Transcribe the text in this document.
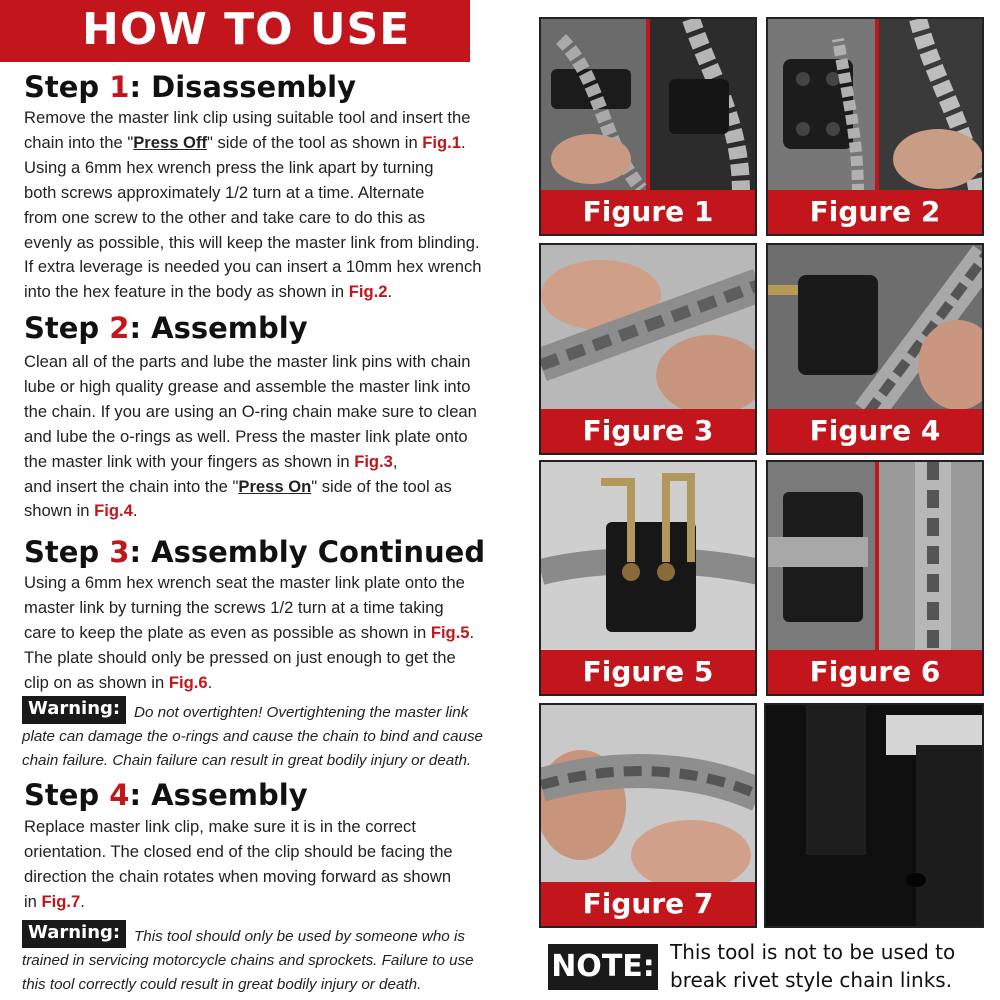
HOW TO USE
Step 1: Disassembly
Remove the master link clip using suitable tool and insert the
chain into the "Press Off" side of the tool as shown in Fig.1.
Using a 6mm hex wrench press the link apart by turning
both screws approximately 1/2 turn at a time. Alternate
from one screw to the other and take care to do this as
evenly as possible, this will keep the master link from blinding.
If extra leverage is needed you can insert a 10mm hex wrench
into the hex feature in the body as shown in Fig.2.
Step 2: Assembly
Clean all of the parts and lube the master link pins with chain
lube or high quality grease and assemble the master link into
the chain. If you are using an O-ring chain make sure to clean
and lube the o-rings as well. Press the master link plate onto
the master link with your fingers as shown in Fig.3,
and insert the chain into the "Press On" side of the tool as
shown in Fig.4.
Step 3: Assembly Continued
Using a 6mm hex wrench seat the master link plate onto the
master link by turning the screws 1/2 turn at a time taking
care to keep the plate as even as possible as shown in Fig.5.
The plate should only be pressed on just enough to get the
clip on as shown in Fig.6.
Warning: Do not overtighten! Overtightening the master link
plate can damage the o-rings and cause the chain to bind and cause
chain failure. Chain failure can result in great bodily injury or death.
Step 4: Assembly
Replace master link clip, make sure it is in the correct
orientation. The closed end of the clip should be facing the
direction the chain rotates when moving forward as shown
in Fig.7.
Warning: This tool should only be used by someone who is
trained in servicing motorcycle chains and sprockets. Failure to use
this tool correctly could result in great bodily injury or death.
Figure 1	Figure 2
Figure 3	Figure 4
Figure 5	Figure 6
Figure 7
NOTE: This tool is not to be used to
break rivet style chain links.
